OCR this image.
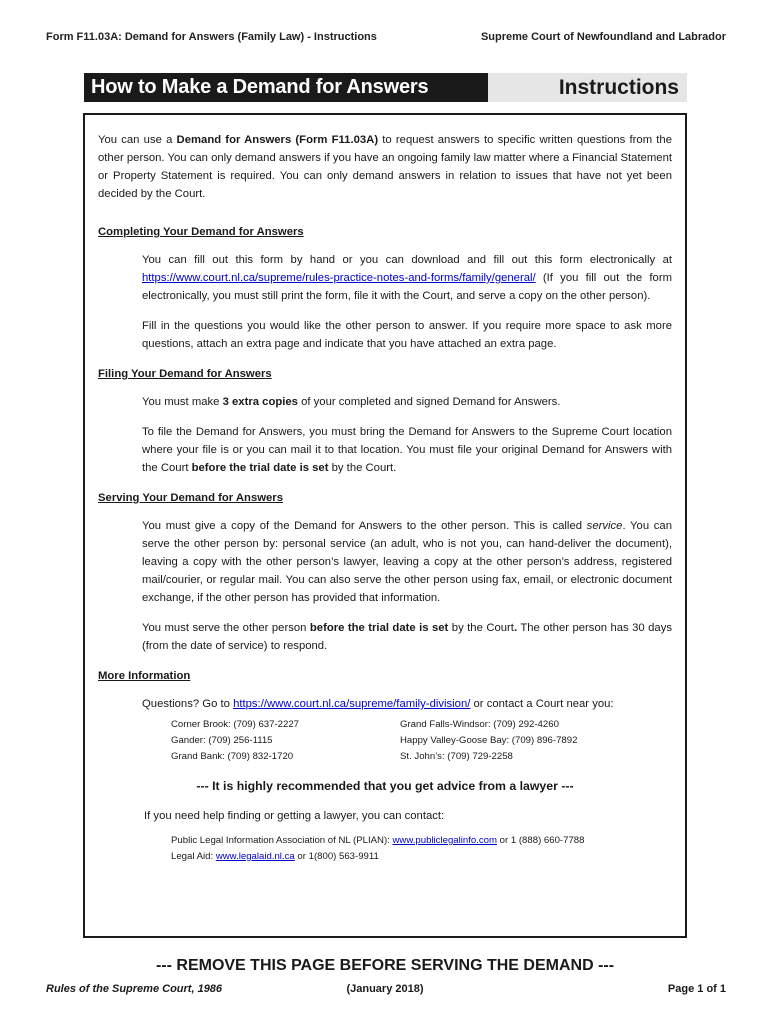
Form F11.03A: Demand for Answers (Family Law) - Instructions	Supreme Court of Newfoundland and Labrador
How to Make a Demand for Answers	Instructions

You can use a Demand for Answers (Form F11.03A) to request answers to specific written questions from the other person. You can only demand answers if you have an ongoing family law matter where a Financial Statement or Property Statement is required. You can only demand answers in relation to issues that have not yet been decided by the Court.

Completing Your Demand for Answers

You can fill out this form by hand or you can download and fill out this form electronically at https://www.court.nl.ca/supreme/rules-practice-notes-and-forms/family/general/ (If you fill out the form electronically, you must still print the form, file it with the Court, and serve a copy on the other person).

Fill in the questions you would like the other person to answer. If you require more space to ask more questions, attach an extra page and indicate that you have attached an extra page.

Filing Your Demand for Answers

You must make 3 extra copies of your completed and signed Demand for Answers.

To file the Demand for Answers, you must bring the Demand for Answers to the Supreme Court location where your file is or you can mail it to that location. You must file your original Demand for Answers with the Court before the trial date is set by the Court.

Serving Your Demand for Answers

You must give a copy of the Demand for Answers to the other person. This is called service. You can serve the other person by: personal service (an adult, who is not you, can hand-deliver the document), leaving a copy with the other person’s lawyer, leaving a copy at the other person’s address, registered mail/courier, or regular mail. You can also serve the other person using fax, email, or electronic document exchange, if the other person has provided that information.

You must serve the other person before the trial date is set by the Court. The other person has 30 days (from the date of service) to respond.

More Information

Questions? Go to https://www.court.nl.ca/supreme/family-division/ or contact a Court near you:

Corner Brook: (709) 637-2227	Grand Falls-Windsor: (709) 292-4260
Gander: (709) 256-1115	Happy Valley-Goose Bay: (709) 896-7892
Grand Bank: (709) 832-1720	St. John’s: (709) 729-2258
--- It is highly recommended that you get advice from a lawyer ---

If you need help finding or getting a lawyer, you can contact:

Public Legal Information Association of NL (PLIAN): www.publiclegalinfo.com or 1 (888) 660-7788
Legal Aid: www.legalaid.nl.ca or 1(800) 563-9911
--- REMOVE THIS PAGE BEFORE SERVING THE DEMAND ---
Rules of the Supreme Court, 1986	(January 2018)	Page 1 of 1
